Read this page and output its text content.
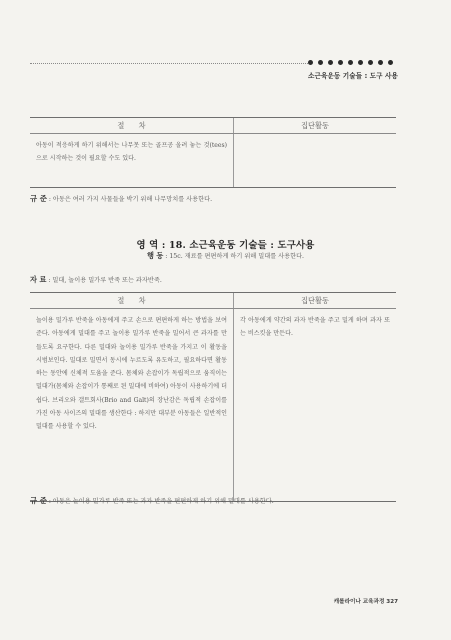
소근육운동 기술들 : 도구 사용
절　　차	집단활동

아동이 적응하게 하기 위해서는 나무못 또는 골프공 올려 놓는 것(tees)으로 시작하는 것이 필요할 수도 있다.

규 준 : 아동은 여러 가지 사물들을 박기 위해 나무망치를 사용한다.
영 역 : 18. 소근육운동 기술들 : 도구사용
행 동 : 15c. 재료를 편편하게 하기 위해 밀대를 사용한다.
자 료 : 밀대, 놀이용 밀가루 반죽 또는 과자반죽.
절　　차	집단활동

놀이용 밀가루 반죽을 아동에게 주고 손으로 편편하게 하는 방법을 보여준다. 아동에게 밀대를 주고 놀이용 밀가루 반죽을 밀어서 큰 과자를 만들도록 요구한다. 다른 밀대와 놀이용 밀가루 반죽을 가지고 이 활동을 시범보인다. 밀대로 밀면서 동시에 누르도록 유도하고, 필요하다면 활동하는 동안에 신체적 도움을 준다. 몸체와 손잡이가 독립적으로 움직이는 밀대가(몸체와 손잡이가 통째로 된 밀대에 비하여) 아동이 사용하기에 더 쉽다. 브리오와 갤트회사(Brio and Galt)의 장난감은 독립적 손잡이를 가진 아동 사이즈의 밀대를 생산한다 : 하지만 대부분 아동들은 일반적인 밀대를 사용할 수 있다.

각 아동에게 약간의 과자 반죽을 주고 밀게 하며 과자 또는 비스킷을 만든다.

규 준 : 아동은 놀이용 밀가루 반죽 또는 과자 반죽을 편편하게 하기 위해 밀대를 사용한다.
캐롤라이나 교육과정 327
